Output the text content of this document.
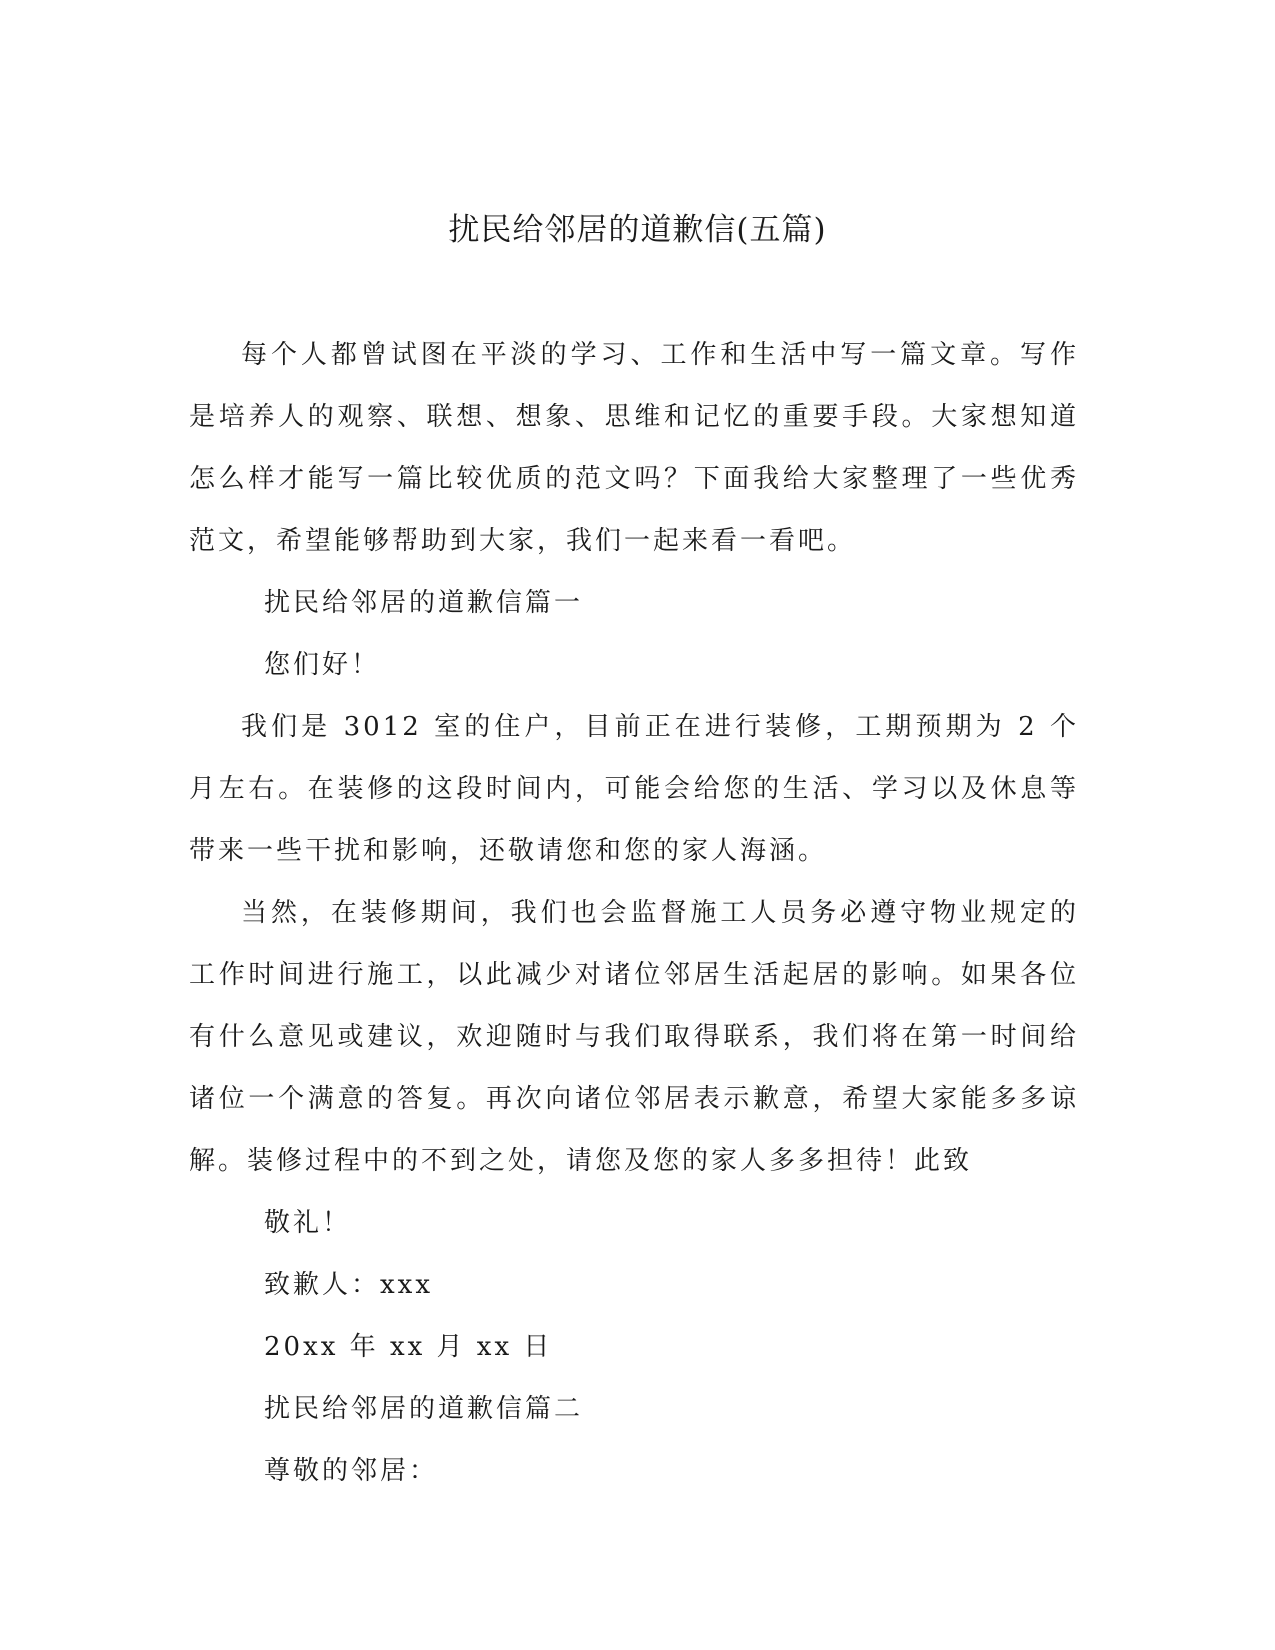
扰民给邻居的道歉信(五篇)

每个人都曾试图在平淡的学习、工作和生活中写一篇文章。写作是培养人的观察、联想、想象、思维和记忆的重要手段。大家想知道怎么样才能写一篇比较优质的范文吗？下面我给大家整理了一些优秀范文，希望能够帮助到大家，我们一起来看一看吧。

扰民给邻居的道歉信篇一

您们好！

我们是 3012 室的住户，目前正在进行装修，工期预期为 2 个月左右。在装修的这段时间内，可能会给您的生活、学习以及休息等带来一些干扰和影响，还敬请您和您的家人海涵。

当然，在装修期间，我们也会监督施工人员务必遵守物业规定的工作时间进行施工，以此减少对诸位邻居生活起居的影响。如果各位有什么意见或建议，欢迎随时与我们取得联系，我们将在第一时间给诸位一个满意的答复。再次向诸位邻居表示歉意，希望大家能多多谅解。装修过程中的不到之处，请您及您的家人多多担待！此致

敬礼！

致歉人：xxx

20xx 年 xx 月 xx 日

扰民给邻居的道歉信篇二

尊敬的邻居：
